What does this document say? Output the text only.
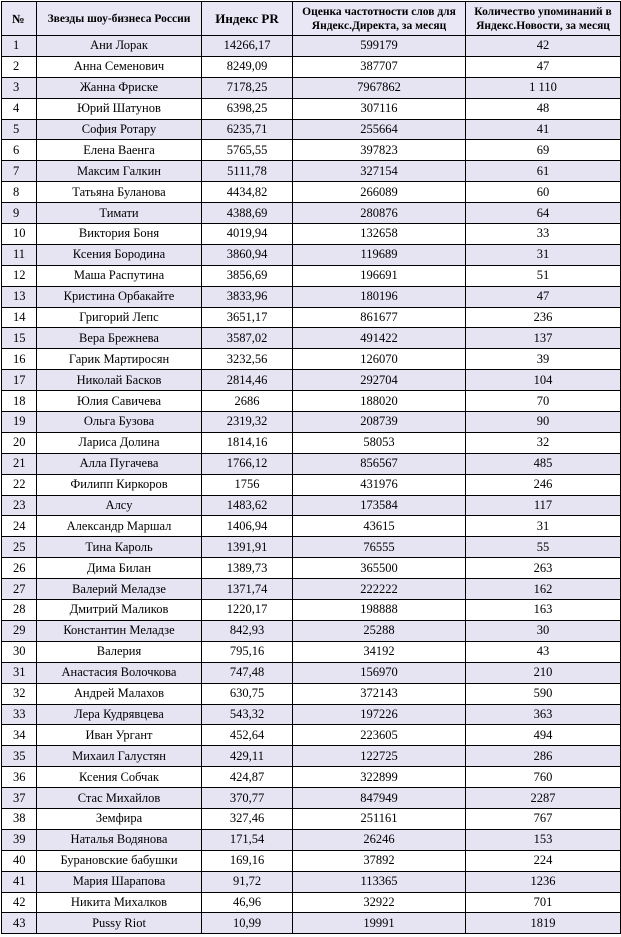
№	Звезды шоу-бизнеса России	Индекс PR	Оценка частотности слов для Яндекс.Директа, за месяц	Количество упоминаний в Яндекс.Новости, за месяц
1	Ани Лорак	14266,17	599179	42
2	Анна Семенович	8249,09	387707	47
3	Жанна Фриске	7178,25	7967862	1 110
4	Юрий Шатунов	6398,25	307116	48
5	София Ротару	6235,71	255664	41
6	Елена Ваенга	5765,55	397823	69
7	Максим Галкин	5111,78	327154	61
8	Татьяна Буланова	4434,82	266089	60
9	Тимати	4388,69	280876	64
10	Виктория Боня	4019,94	132658	33
11	Ксения Бородина	3860,94	119689	31
12	Маша Распутина	3856,69	196691	51
13	Кристина Орбакайте	3833,96	180196	47
14	Григорий Лепс	3651,17	861677	236
15	Вера Брежнева	3587,02	491422	137
16	Гарик Мартиросян	3232,56	126070	39
17	Николай Басков	2814,46	292704	104
18	Юлия Савичева	2686	188020	70
19	Ольга Бузова	2319,32	208739	90
20	Лариса Долина	1814,16	58053	32
21	Алла Пугачева	1766,12	856567	485
22	Филипп Киркоров	1756	431976	246
23	Алсу	1483,62	173584	117
24	Александр Маршал	1406,94	43615	31
25	Тина Кароль	1391,91	76555	55
26	Дима Билан	1389,73	365500	263
27	Валерий Меладзе	1371,74	222222	162
28	Дмитрий Маликов	1220,17	198888	163
29	Константин Меладзе	842,93	25288	30
30	Валерия	795,16	34192	43
31	Анастасия Волочкова	747,48	156970	210
32	Андрей Малахов	630,75	372143	590
33	Лера Кудрявцева	543,32	197226	363
34	Иван Ургант	452,64	223605	494
35	Михаил Галустян	429,11	122725	286
36	Ксения Собчак	424,87	322899	760
37	Стас Михайлов	370,77	847949	2287
38	Земфира	327,46	251161	767
39	Наталья Водянова	171,54	26246	153
40	Бурановские бабушки	169,16	37892	224
41	Мария Шарапова	91,72	113365	1236
42	Никита Михалков	46,96	32922	701
43	Pussy Riot	10,99	19991	1819
